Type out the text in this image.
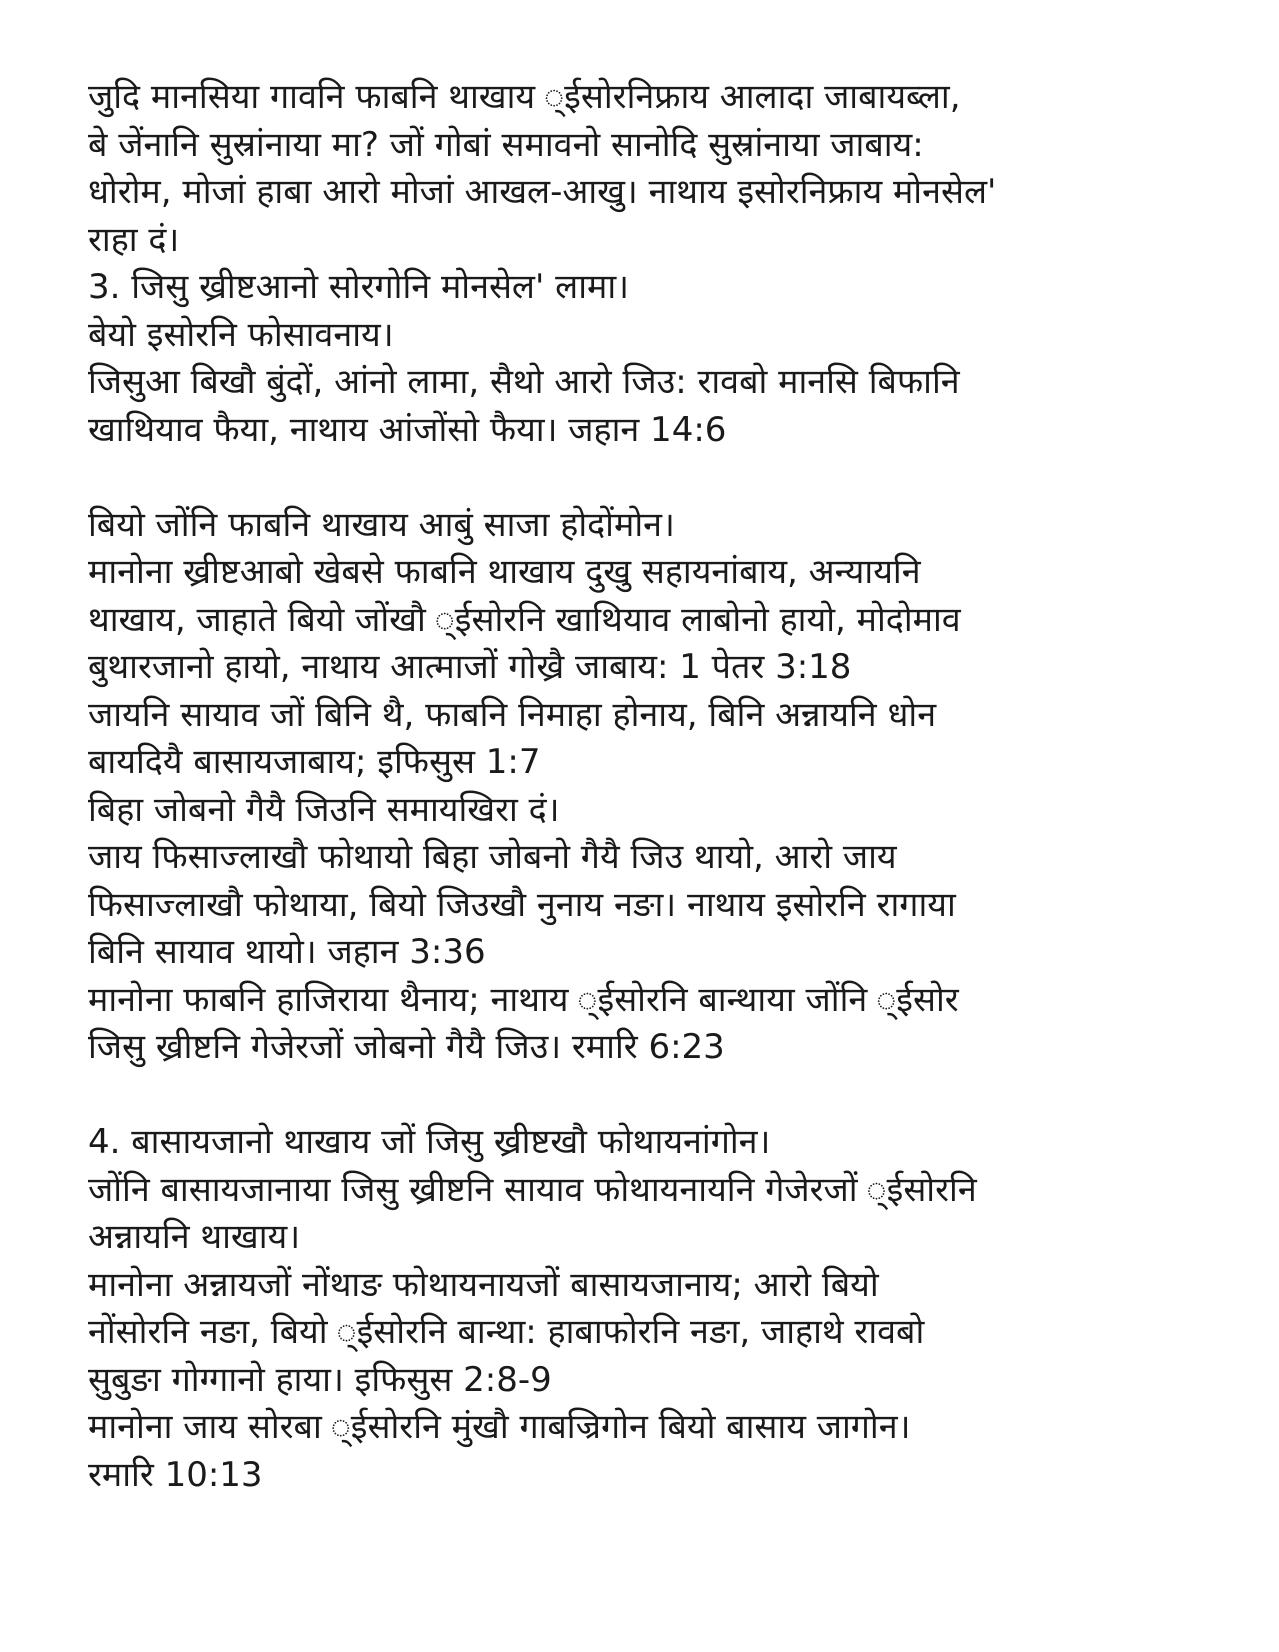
जुदि मानसिया गावनि फाबनि थाखाय ्ईसोरनिफ्राय आलादा जाबायब्ला,
बे जेंनानि सुस्रांनाया मा? जों गोबां समावनो सानोदि सुस्रांनाया जाबाय:
धोरोम, मोजां हाबा आरो मोजां आखल-आखु। नाथाय इसोरनिफ्राय मोनसेल'
राहा दं।
3. जिसु ख्रीष्टआनो सोरगोनि मोनसेल' लामा।
बेयो इसोरनि फोसावनाय।
जिसुआ बिखौ बुंदों, आंनो लामा, सैथो आरो जिउ: रावबो मानसि बिफानि
खाथियाव फैया, नाथाय आंजोंसो फैया। जहान 14:6
बियो जोंनि फाबनि थाखाय आबुं साजा होदोंमोन।
मानोना ख्रीष्टआबो खेबसे फाबनि थाखाय दुखु सहायनांबाय, अन्यायनि
थाखाय, जाहाते बियो जोंखौ ्ईसोरनि खाथियाव लाबोनो हायो, मोदोमाव
बुथारजानो हायो, नाथाय आत्माजों गोख्रै जाबाय: 1 पेतर 3:18
जायनि सायाव जों बिनि थै, फाबनि निमाहा होनाय, बिनि अन्नायनि धोन
बायदियै बासायजाबाय; इफिसुस 1:7
बिहा जोबनो गैयै जिउनि समायखिरा दं।
जाय फिसाज्लाखौ फोथायो बिहा जोबनो गैयै जिउ थायो, आरो जाय
फिसाज्लाखौ फोथाया, बियो जिउखौ नुनाय नङा। नाथाय इसोरनि रागाया
बिनि सायाव थायो। जहान 3:36
मानोना फाबनि हाजिराया थैनाय; नाथाय ्ईसोरनि बान्थाया जोंनि ्ईसोर
जिसु ख्रीष्टनि गेजेरजों जोबनो गैयै जिउ। रमारि 6:23
4. बासायजानो थाखाय जों जिसु ख्रीष्टखौ फोथायनांगोन।
जोंनि बासायजानाया जिसु ख्रीष्टनि सायाव फोथायनायनि गेजेरजों ्ईसोरनि
अन्नायनि थाखाय।
मानोना अन्नायजों नोंथाङ फोथायनायजों बासायजानाय; आरो बियो
नोंसोरनि नङा, बियो ्ईसोरनि बान्था: हाबाफोरनि नङा, जाहाथे रावबो
सुबुङा गोग्गानो हाया। इफिसुस 2:8-9
मानोना जाय सोरबा ्ईसोरनि मुंखौ गाबज्रिगोन बियो बासाय जागोन।
रमारि 10:13
